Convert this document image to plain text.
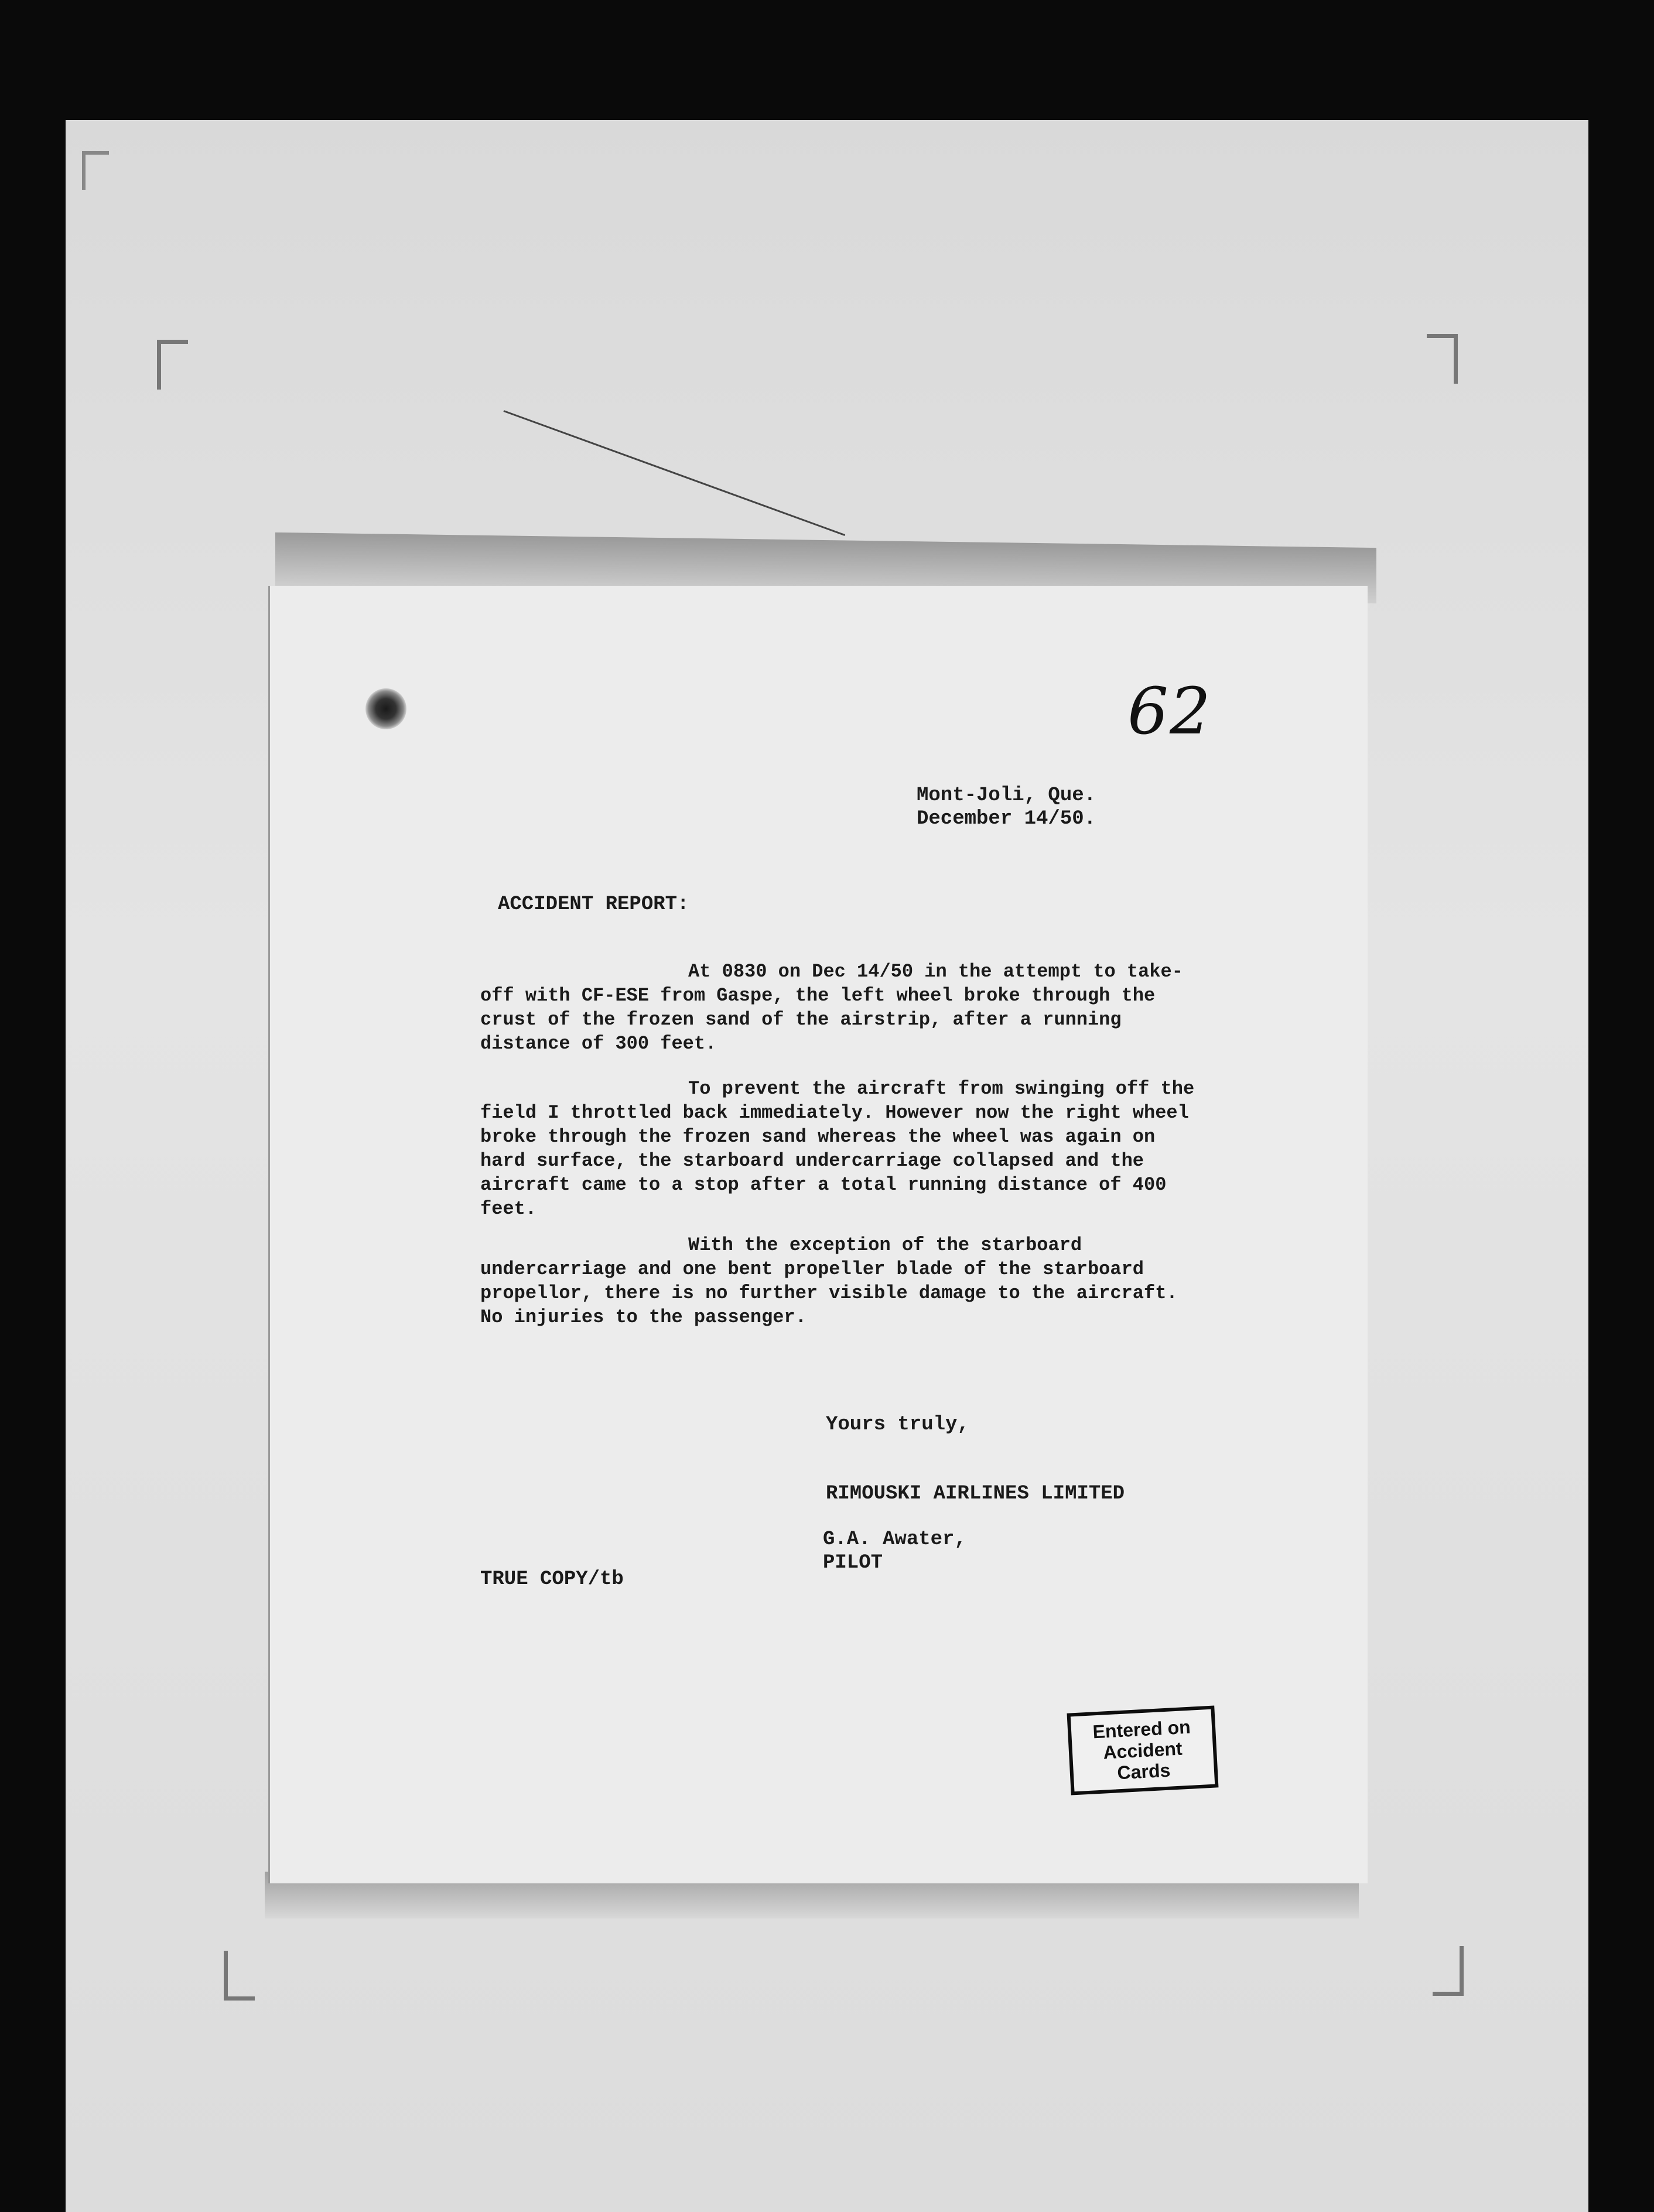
62
Mont-Joli, Que.
December 14/50.
ACCIDENT REPORT:
At 0830 on Dec 14/50 in the attempt to take-off with CF-ESE from Gaspe, the left wheel broke through the crust of the frozen sand of the airstrip, after a running distance of 300 feet.
To prevent the aircraft from swinging off the field I throttled back immediately. However now the right wheel broke through the frozen sand whereas the wheel was again on hard surface, the starboard undercarriage collapsed and the aircraft came to a stop after a total running distance of 400 feet.
With the exception of the starboard undercarriage and one bent propeller blade of the starboard propellor, there is no further visible damage to the aircraft. No injuries to the passenger.
Yours truly,
RIMOUSKI AIRLINES LIMITED
G.A. Awater,
PILOT
TRUE COPY/tb
Entered on
Accident
Cards
